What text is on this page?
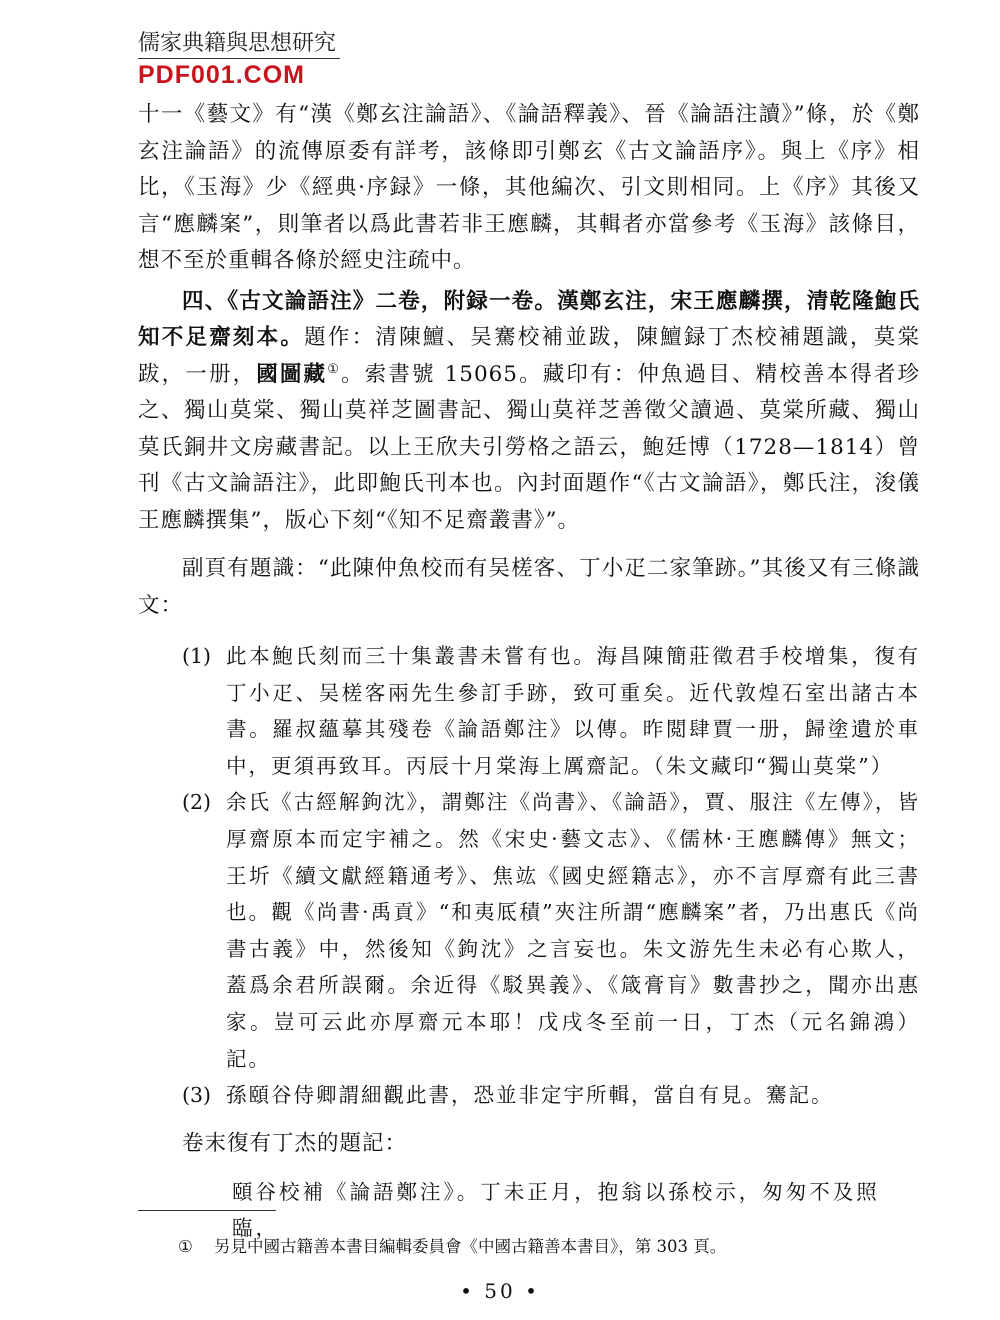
儒家典籍與思想研究
PDF001.COM

十一《藝文》有“漢《鄭玄注論語》、《論語釋義》、晉《論語注讀》”條，於《鄭玄注論語》的流傳原委有詳考，該條即引鄭玄《古文論語序》。與上《序》相比，《玉海》少《經典·序録》一條，其他編次、引文則相同。上《序》其後又言“應麟案”，則筆者以爲此書若非王應麟，其輯者亦當參考《玉海》該條目，想不至於重輯各條於經史注疏中。

四、《古文論語注》二卷，附録一卷。漢鄭玄注，宋王應麟撰，清乾隆鮑氏知不足齋刻本。題作：清陳鱣、吴騫校補並跋，陳鱣録丁杰校補題識，莫棠跋，一册，國圖藏①。索書號 15065。藏印有：仲魚過目、精校善本得者珍之、獨山莫棠、獨山莫祥芝圖書記、獨山莫祥芝善徵父讀過、莫棠所藏、獨山莫氏銅井文房藏書記。以上王欣夫引勞格之語云，鮑廷博（1728—1814）曾刊《古文論語注》，此即鮑氏刊本也。內封面題作“《古文論語》，鄭氏注，浚儀王應麟撰集”，版心下刻“《知不足齋叢書》”。

副頁有題識：“此陳仲魚校而有吴槎客、丁小疋二家筆跡。”其後又有三條識文：

(1) 此本鮑氏刻而三十集叢書未嘗有也。海昌陳簡莊徵君手校增集，復有丁小疋、吴槎客兩先生參訂手跡，致可重矣。近代敦煌石室出諸古本書。羅叔蘊摹其殘卷《論語鄭注》以傳。昨閲肆賈一册，歸塗遺於車中，更須再致耳。丙辰十月棠海上厲齋記。（朱文藏印“獨山莫棠”）
(2) 余氏《古經解鉤沈》，謂鄭注《尚書》、《論語》，賈、服注《左傳》，皆厚齋原本而定宇補之。然《宋史·藝文志》、《儒林·王應麟傳》無文；王圻《續文獻經籍通考》、焦竑《國史經籍志》，亦不言厚齋有此三書也。觀《尚書·禹貢》“和夷厎積”夾注所謂“應麟案”者，乃出惠氏《尚書古義》中，然後知《鉤沈》之言妄也。朱文游先生未必有心欺人，蓋爲余君所誤爾。余近得《駁異義》、《箴膏肓》數書抄之，聞亦出惠家。豈可云此亦厚齋元本耶！戊戌冬至前一日，丁杰（元名錦鴻）記。
(3) 孫頤谷侍卿謂細觀此書，恐並非定宇所輯，當自有見。騫記。

卷末復有丁杰的題記：

頤谷校補《論語鄭注》。丁未正月，抱翁以孫校示，匆匆不及照臨，
① 另見中國古籍善本書目編輯委員會《中國古籍善本書目》，第 303 頁。
• 50 •
